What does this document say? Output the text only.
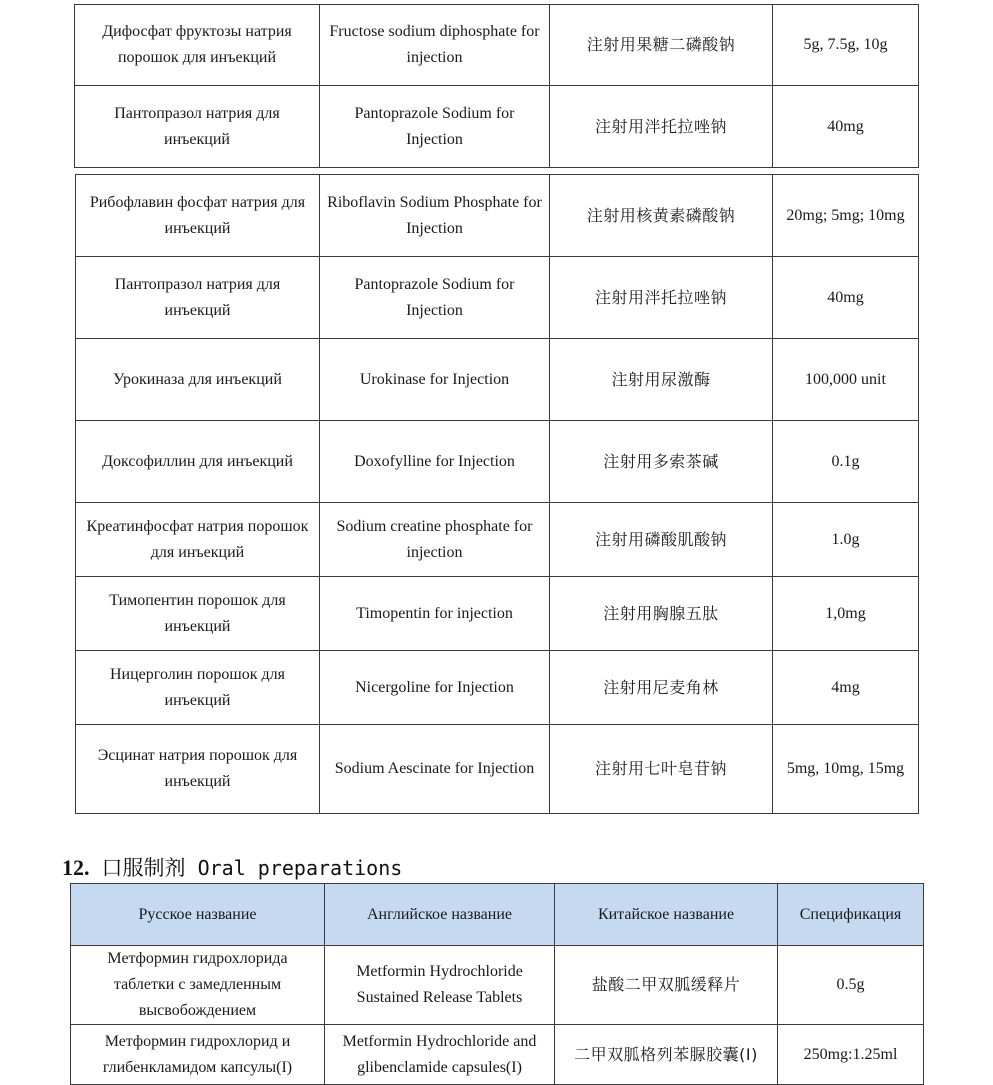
Дифосфат фруктозы натрия порошок для инъекций	Fructose sodium diphosphate for injection	注射用果糖二磷酸钠	5g, 7.5g, 10g
Пантопразол натрия для инъекций	Pantoprazole Sodium for Injection	注射用泮托拉唑钠	40mg
Рибофлавин фосфат натрия для инъекций	Riboflavin Sodium Phosphate for Injection	注射用核黄素磷酸钠	20mg; 5mg; 10mg
Пантопразол натрия для инъекций	Pantoprazole Sodium for Injection	注射用泮托拉唑钠	40mg
Урокиназа для инъекций	Urokinase for Injection	注射用尿激酶	100,000 unit
Доксофиллин для инъекций	Doxofylline for Injection	注射用多索茶碱	0.1g
Креатинфосфат натрия порошок для инъекций	Sodium creatine phosphate for injection	注射用磷酸肌酸钠	1.0g
Тимопентин порошок для инъекций	Timopentin for injection	注射用胸腺五肽	1,0mg
Ницерголин порошок для инъекций	Nicergoline for Injection	注射用尼麦角林	4mg
Эсцинат натрия порошок для инъекций	Sodium Aescinate for Injection	注射用七叶皂苷钠	5mg, 10mg, 15mg
12. 口服制剂 Oral preparations
Русское название	Английское название	Китайское название	Спецификация
Метформин гидрохлорида таблетки с замедленным высвобождением	Metformin Hydrochloride Sustained Release Tablets	盐酸二甲双胍缓释片	0.5g
Метформин гидрохлорид и глибенкламидом капсулы(I)	Metformin Hydrochloride and glibenclamide capsules(I)	二甲双胍格列苯脲胶囊(I)	250mg:1.25ml
